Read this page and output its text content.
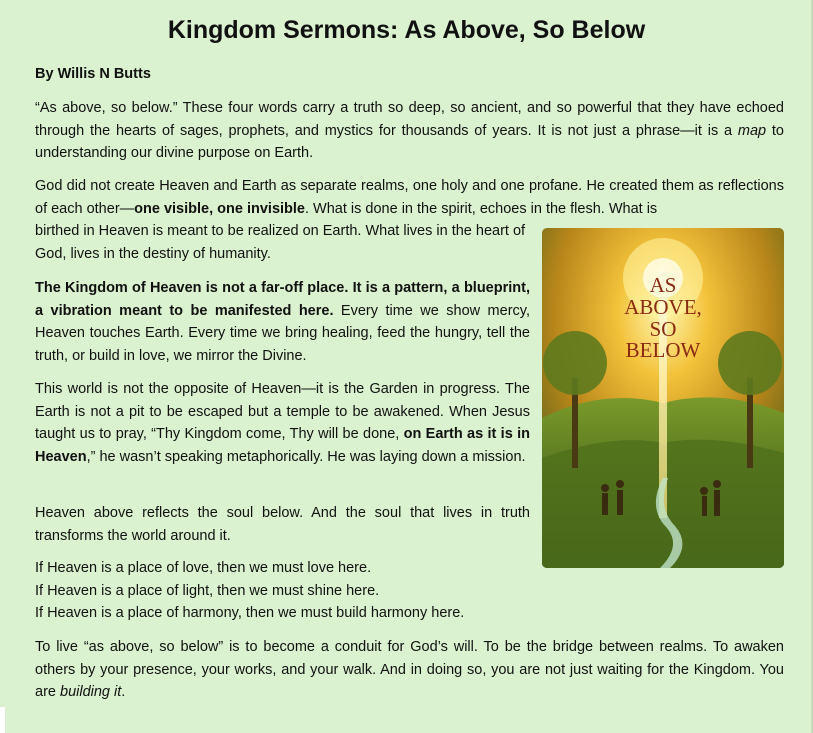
Kingdom Sermons: As Above, So Below
By Willis N Butts

“As above, so below.” These four words carry a truth so deep, so ancient, and so powerful that they have echoed through the hearts of sages, prophets, and mystics for thousands of years. It is not just a phrase—it is a map to understanding our divine purpose on Earth.

God did not create Heaven and Earth as separate realms, one holy and one profane. He created them as reflections of each other—one visible, one invisible. What is done in the spirit, echoes in the flesh. What is

birthed in Heaven is meant to be realized on Earth. What lives in the heart of God, lives in the destiny of humanity.

The Kingdom of Heaven is not a far-off place. It is a pattern, a blueprint, a vibration meant to be manifested here. Every time we show mercy, Heaven touches Earth. Every time we bring healing, feed the hungry, tell the truth, or build in love, we mirror the Divine.

This world is not the opposite of Heaven—it is the Garden in progress. The Earth is not a pit to be escaped but a temple to be awakened. When Jesus taught us to pray, “Thy Kingdom come, Thy will be done, on Earth as it is in Heaven,” he wasn’t speaking metaphorically. He was laying down a mission.

Heaven above reflects the soul below. And the soul that lives in truth transforms the world around it.

If Heaven is a place of love, then we must love here.

If Heaven is a place of light, then we must shine here.

If Heaven is a place of harmony, then we must build harmony here.

To live “as above, so below” is to become a conduit for God’s will. To be the bridge between realms. To awaken others by your presence, your works, and your walk. And in doing so, you are not just waiting for the Kingdom. You are building it.

AS
ABOVE,
SO
BELOW
